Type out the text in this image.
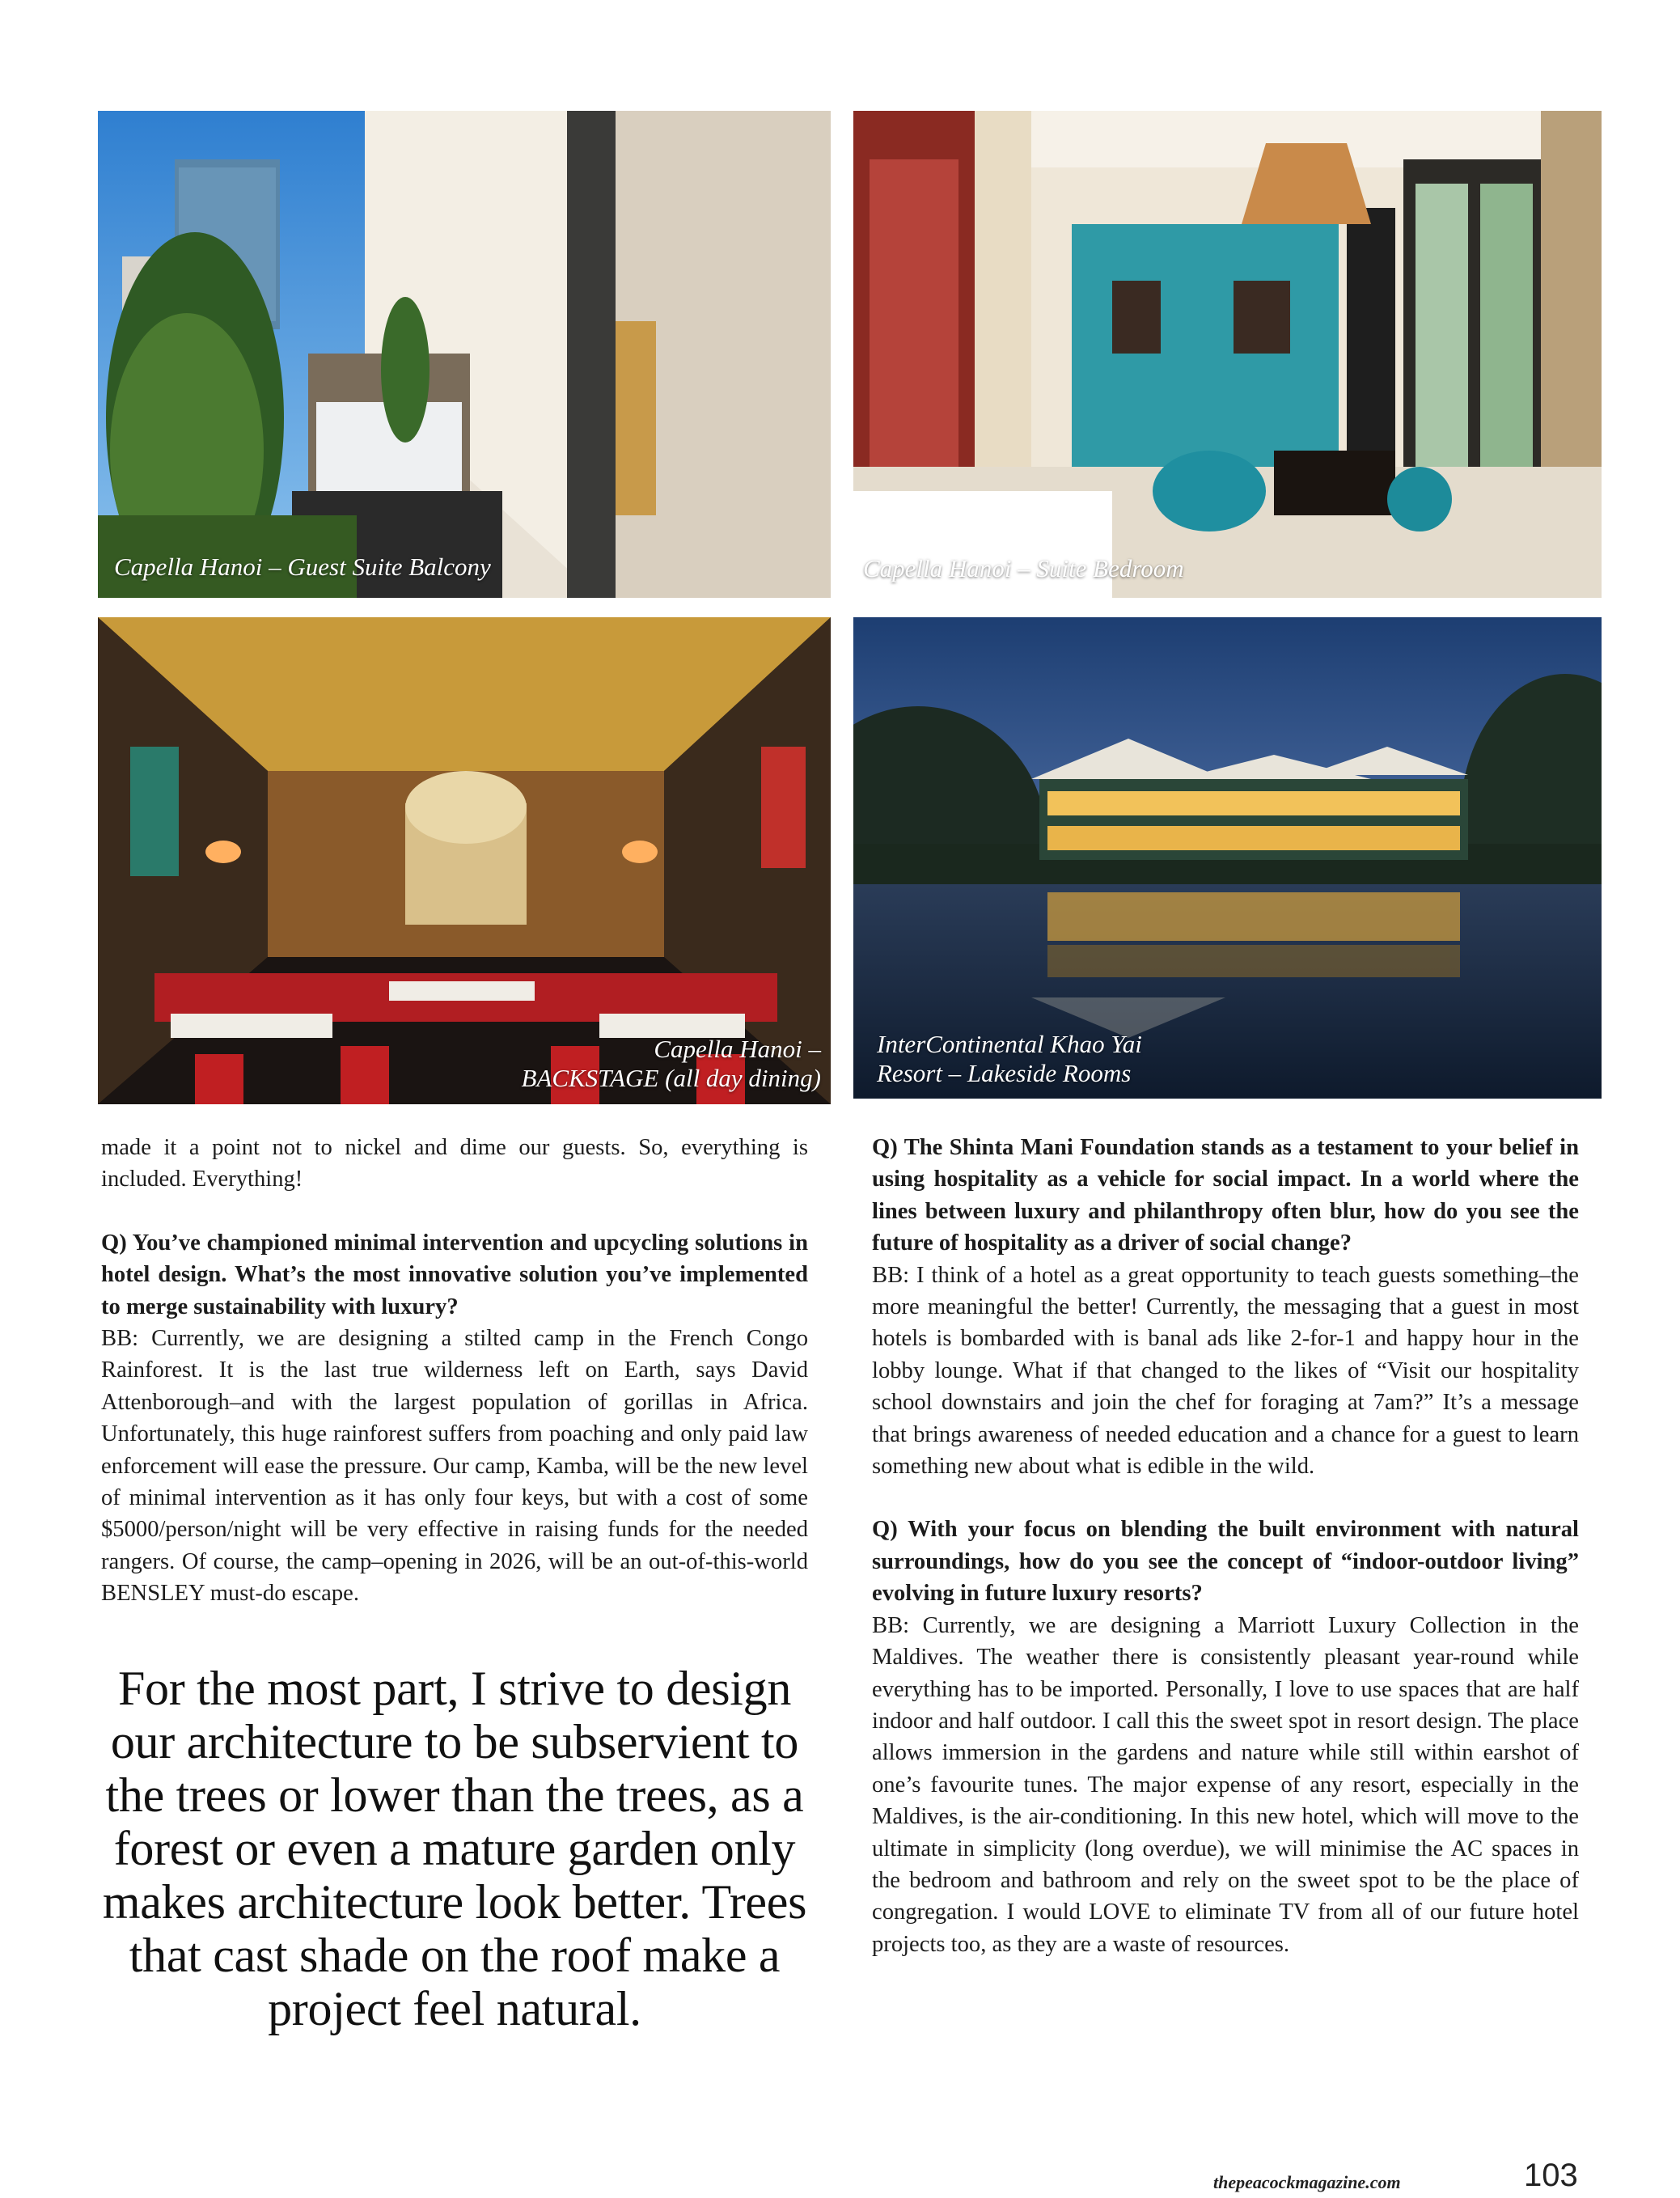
Capella Hanoi – Guest Suite Balcony	Capella Hanoi – Suite Bedroom
Capella Hanoi –
BACKSTAGE (all day dining)
InterContinental Khao Yai
Resort – Lakeside Rooms

made it a point not to nickel and dime our guests. So, everything is included. Everything!

Q) You’ve championed minimal intervention and upcycling solutions in hotel design. What’s the most innovative solution you’ve implemented to merge sustainability with luxury?

BB: Currently, we are designing a stilted camp in the French Congo Rainforest. It is the last true wilderness left on Earth, says David Attenborough–and with the largest population of gorillas in Africa. Unfortunately, this huge rainforest suffers from poaching and only paid law enforcement will ease the pressure. Our camp, Kamba, will be the new level of minimal intervention as it has only four keys, but with a cost of some $5000/person/night will be very effective in raising funds for the needed rangers. Of course, the camp–opening in 2026, will be an out-of-this-world BENSLEY must-do escape.

For the most part, I strive to design our architecture to be subservient to the trees or lower than the trees, as a forest or even a mature garden only makes architecture look better. Trees that cast shade on the roof make a project feel natural.

Q) The Shinta Mani Foundation stands as a testament to your belief in using hospitality as a vehicle for social impact. In a world where the lines between luxury and philanthropy often blur, how do you see the future of hospitality as a driver of social change?

BB: I think of a hotel as a great opportunity to teach guests something–the more meaningful the better! Currently, the messaging that a guest in most hotels is bombarded with is banal ads like 2-for-1 and happy hour in the lobby lounge. What if that changed to the likes of “Visit our hospitality school downstairs and join the chef for foraging at 7am?” It’s a message that brings awareness of needed education and a chance for a guest to learn something new about what is edible in the wild.

Q) With your focus on blending the built environment with natural surroundings, how do you see the concept of “indoor-outdoor living” evolving in future luxury resorts?

BB: Currently, we are designing a Marriott Luxury Collection in the Maldives. The weather there is consistently pleasant year-round while everything has to be imported. Personally, I love to use spaces that are half indoor and half outdoor. I call this the sweet spot in resort design. The place allows immersion in the gardens and nature while still within earshot of one’s favourite tunes. The major expense of any resort, especially in the Maldives, is the air-conditioning. In this new hotel, which will move to the ultimate in simplicity (long overdue), we will minimise the AC spaces in the bedroom and bathroom and rely on the sweet spot to be the place of congregation. I would LOVE to eliminate TV from all of our future hotel projects too, as they are a waste of resources.

thepeacockmagazine.com	103
